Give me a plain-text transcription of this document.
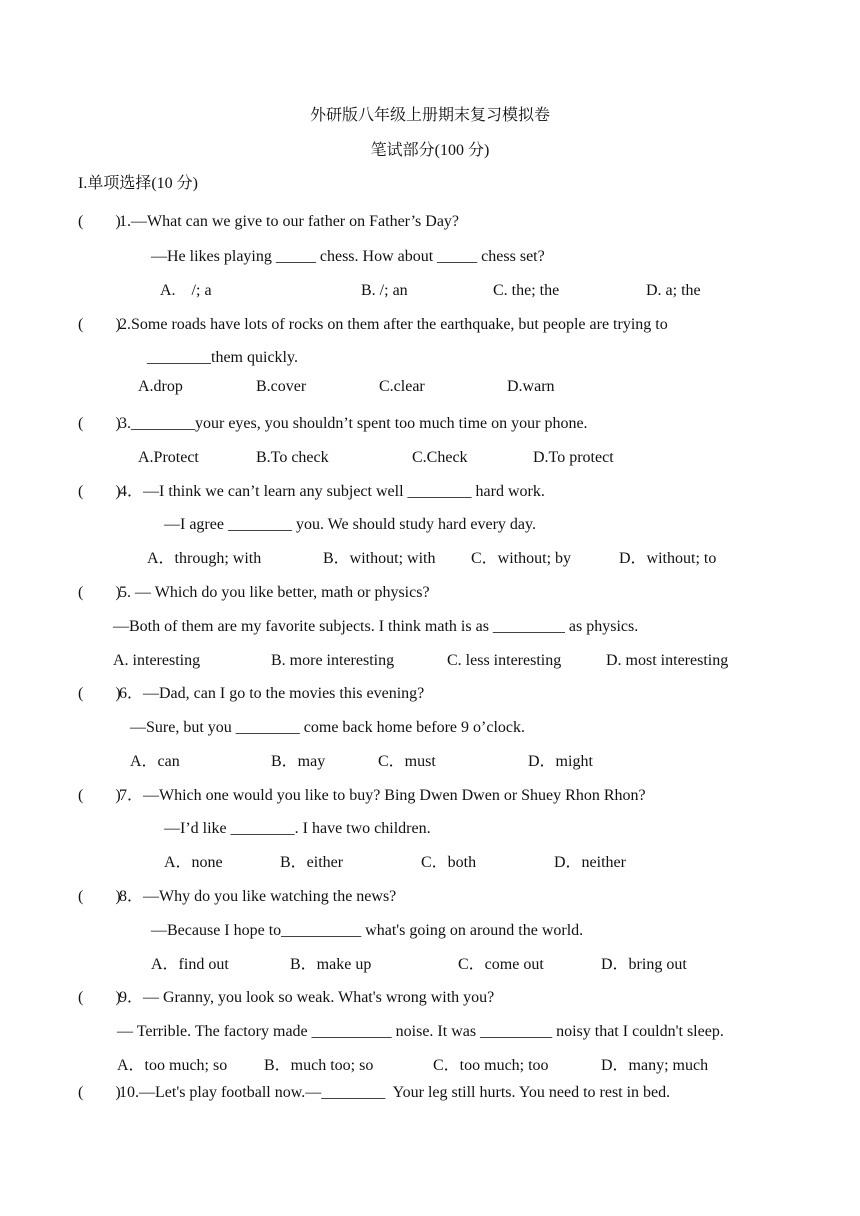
外研版八年级上册期末复习模拟卷
笔试部分(100 分)
I.单项选择(10 分)
(        )
1.—What can we give to our father on Father’s Day?
—He likes playing _____ chess. How about _____ chess set?
A.    /; a	B. /; an	C. the; the	D. a; the
(        )
2.Some roads have lots of rocks on them after the earthquake, but people are trying to
________them quickly.
A.drop	B.cover	C.clear	D.warn
(        )
3.________your eyes, you shouldn’t spent too much time on your phone.
A.Protect	B.To check	C.Check	D.To protect
(        )
4．—I think we can’t learn any subject well ________ hard work.
—I agree ________ you. We should study hard every day.
A．through; with	B．without; with C．without; by	D．without; to
(        )
5. — Which do you like better, math or physics?
—Both of them are my favorite subjects. I think math is as _________ as physics.
A. interesting	B. more interesting	C. less interesting	D. most interesting
(        )
6．—Dad, can I go to the movies this evening?
—Sure, but you ________ come back home before 9 o’clock.
A．can	B．may	C．must	D．might
(        )
7．—Which one would you like to buy? Bing Dwen Dwen or Shuey Rhon Rhon?
—I’d like ________. I have two children.
A．none	B．either	C．both	D．neither
(        )
8．—Why do you like watching the news?
—Because I hope to__________ what's going on around the world.
A．find out	B．make up	C．come out	D．bring out
(        )
9．— Granny, you look so weak. What's wrong with you?
— Terrible. The factory made __________ noise. It was _________ noisy that I couldn't sleep.
A．too much; so B．much too; so	C．too much; too	D．many; much
(        )
10.—Let's play football now.—________  Your leg still hurts. You need to rest in bed.
